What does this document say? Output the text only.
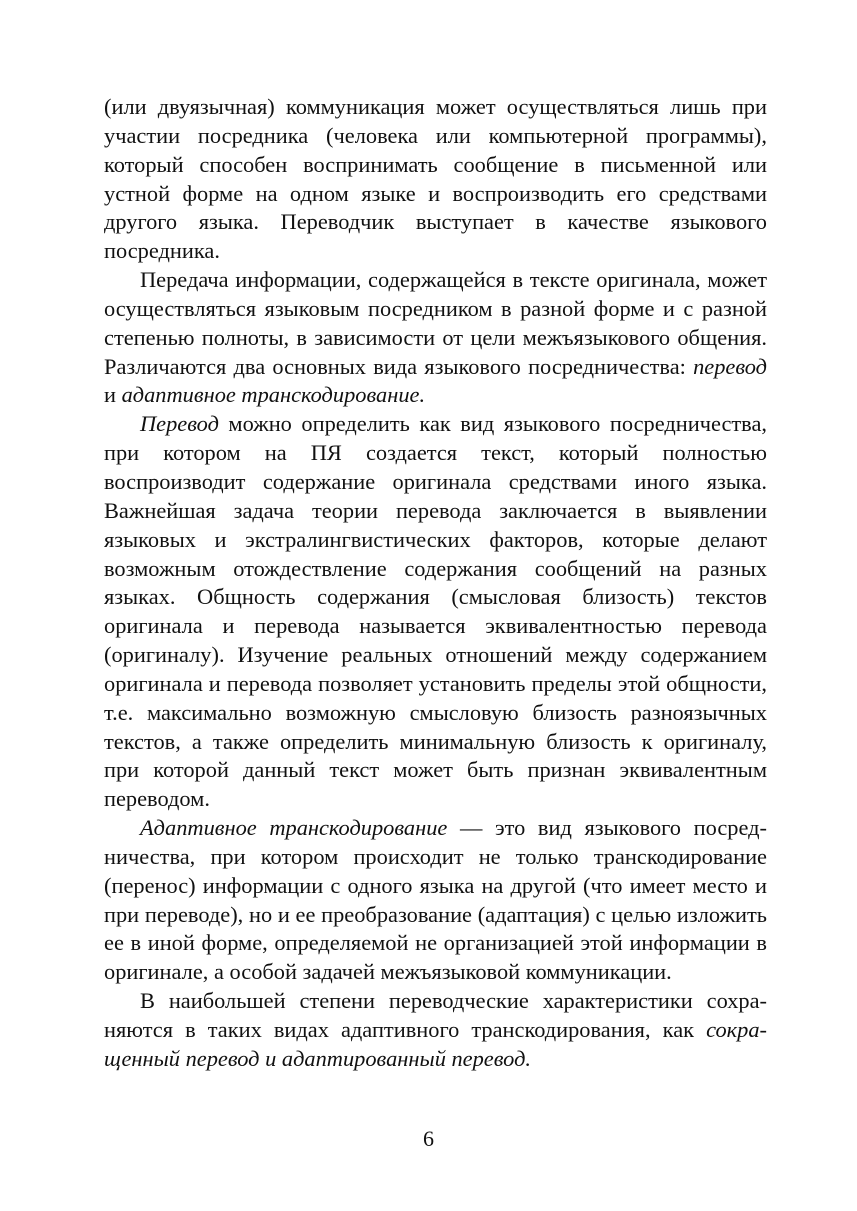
(или двуязычная) коммуникация может осуществляться лишь при участии посредника (человека или компьютерной программы), который способен воспринимать сообщение в письменной или устной форме на одном языке и воспроизводить его средствами другого языка. Переводчик выступает в качестве языкового посредника.

Передача информации, содержащейся в тексте оригинала, может осуществляться языковым посредником в разной форме и с разной степенью полноты, в зависимости от цели межъязыкового общения. Различаются два основных вида языкового посредничества: перевод и адаптивное транскодирование.

Перевод можно определить как вид языкового посредничества, при котором на ПЯ создается текст, который полностью воспроизводит содержание оригинала средствами иного языка. Важнейшая задача теории перевода заключается в выявлении языковых и экстралингвистических факторов, которые делают возможным отождествление содержания сообщений на разных языках. Общность содержания (смысловая близость) текстов оригинала и перевода называется эквивалентностью перевода (оригиналу). Изучение реальных отношений между содержанием оригинала и перевода позволяет установить пределы этой общности, т.е. максимально возможную смысловую близость разноязычных текстов, а также определить минимальную близость к оригиналу, при которой данный текст может быть признан эквивалентным переводом.

Адаптивное транскодирование — это вид языкового посредничества, при котором происходит не только транскодирование (перенос) информации с одного языка на другой (что имеет место и при переводе), но и ее преобразование (адаптация) с целью изложить ее в иной форме, определяемой не организацией этой информации в оригинале, а особой задачей межъязыковой коммуникации.

В наибольшей степени переводческие характеристики сохраняются в таких видах адаптивного транскодирования, как сокращенный перевод и адаптированный перевод.

6
